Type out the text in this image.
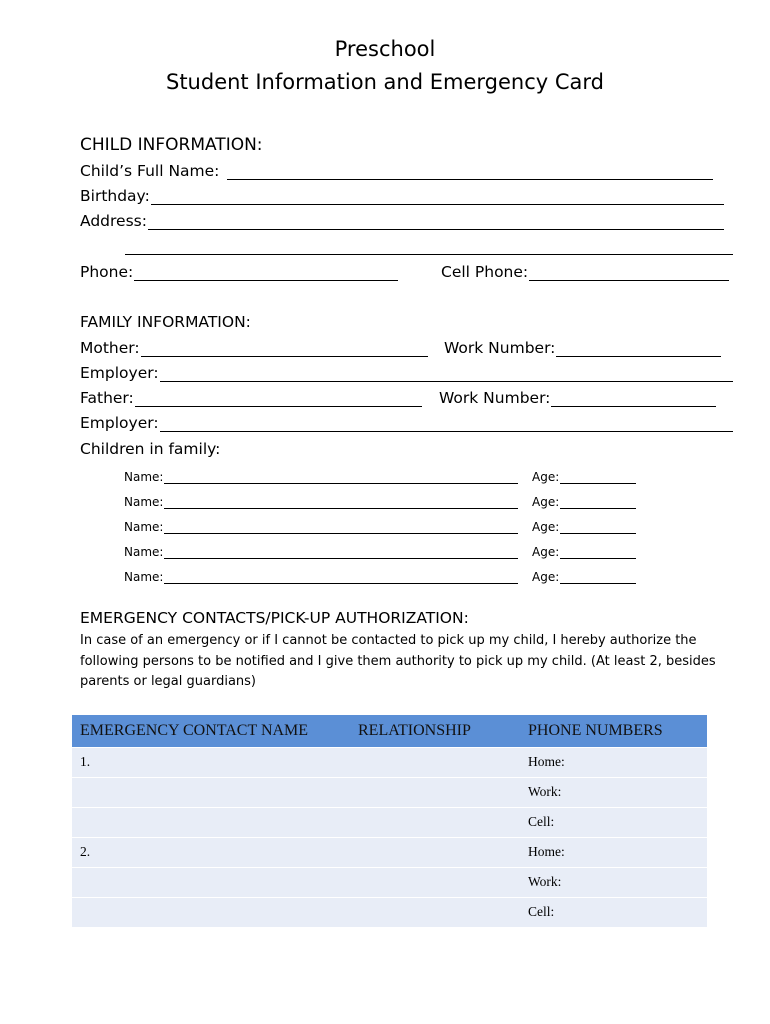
Preschool
Student Information and Emergency Card
CHILD INFORMATION:
Child’s Full Name:
Birthday:
Address:
Phone:	Cell Phone:
FAMILY INFORMATION:
Mother:	Work Number:
Employer:
Father:	Work Number:
Employer:
Children in family:
Name:	Age:
Name:	Age:
Name:	Age:
Name:	Age:
Name:	Age:
EMERGENCY CONTACTS/PICK-UP AUTHORIZATION:
In case of an emergency or if I cannot be contacted to pick up my child, I hereby authorize the following persons to be notified and I give them authority to pick up my child. (At least 2, besides parents or legal guardians)
EMERGENCY CONTACT NAME	RELATIONSHIP	PHONE NUMBERS
1.		Home:
		Work:
		Cell:
2.		Home:
		Work:
		Cell:
